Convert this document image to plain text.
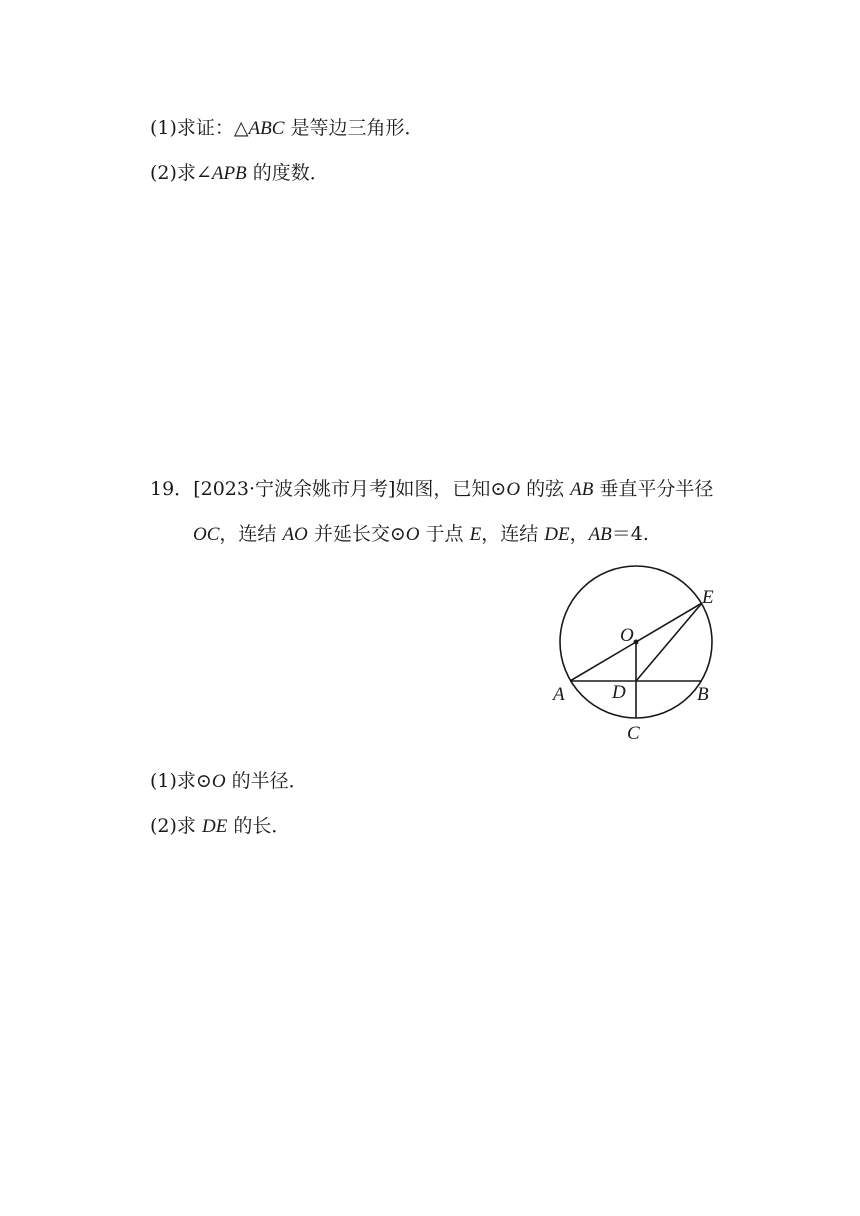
(1)求证：△ABC 是等边三角形．
(2)求∠APB 的度数．
19．[2023·宁波余姚市月考]如图，已知⊙O 的弦 AB 垂直平分半径
OC，连结 AO 并延长交⊙O 于点 E，连结 DE，AB＝4.
A	B
C
D
E
O
(1)求⊙O 的半径．
(2)求 DE 的长．
